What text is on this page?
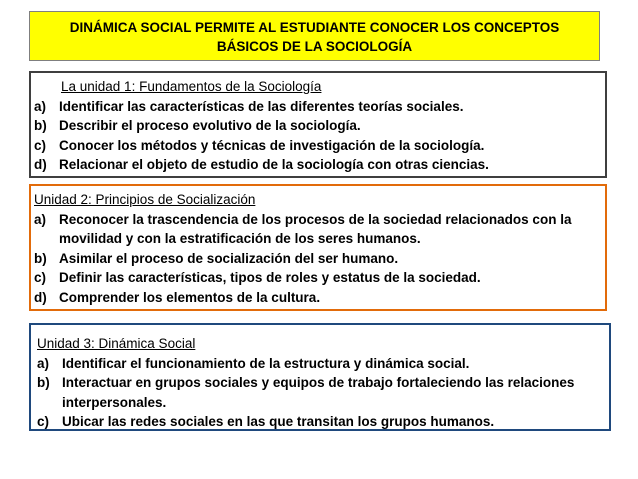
DINÁMICA SOCIAL PERMITE AL ESTUDIANTE CONOCER LOS CONCEPTOS
BÁSICOS DE LA SOCIOLOGÍA
La unidad 1: Fundamentos de la Sociología
a) Identificar las características de las diferentes teorías sociales.
b) Describir el proceso evolutivo de la sociología.
c) Conocer los métodos y técnicas de investigación de la sociología.
d) Relacionar el objeto de estudio de la sociología con otras ciencias.
Unidad 2: Principios de Socialización
a) Reconocer la trascendencia de los procesos de la sociedad relacionados con la movilidad y con la estratificación de los seres humanos.
b) Asimilar el proceso de socialización del ser humano.
c) Definir las características, tipos de roles y estatus de la sociedad.
d) Comprender los elementos de la cultura.
Unidad 3: Dinámica Social
a) Identificar el funcionamiento de la estructura y dinámica social.
b) Interactuar en grupos sociales y equipos de trabajo fortaleciendo las relaciones interpersonales.
c) Ubicar las redes sociales en las que transitan los grupos humanos.
